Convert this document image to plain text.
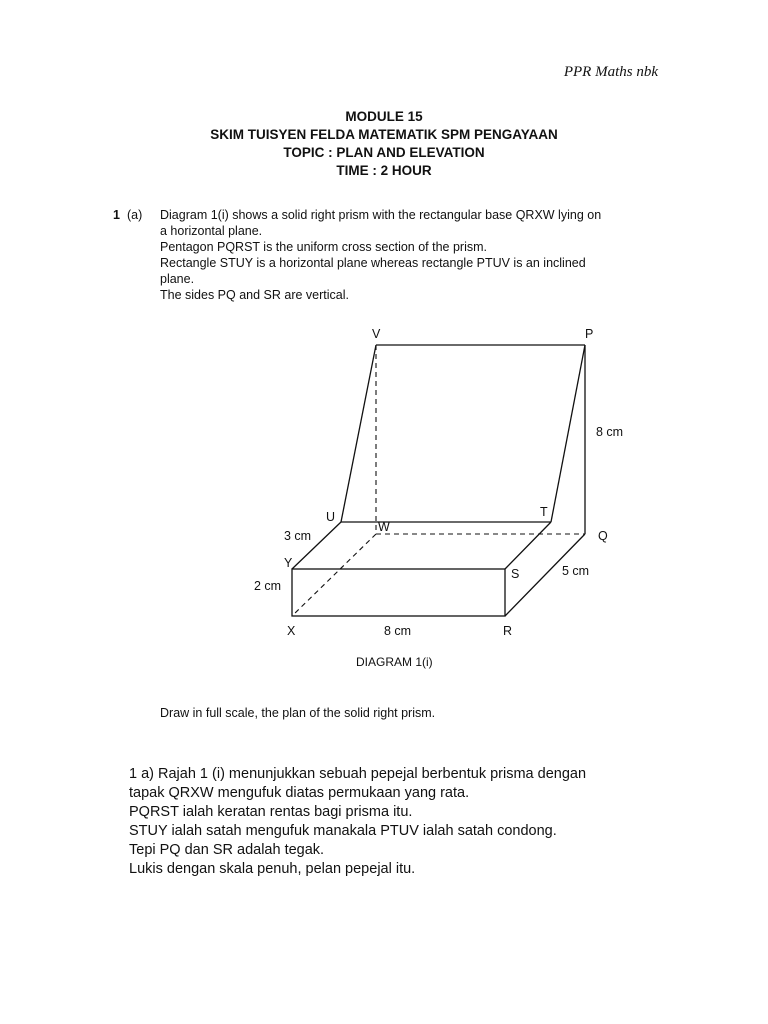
PPR Maths nbk
MODULE 15
SKIM TUISYEN FELDA MATEMATIK SPM PENGAYAAN
TOPIC : PLAN AND ELEVATION
TIME : 2 HOUR
1 (a) Diagram 1(i) shows a solid right prism with the rectangular base QRXW lying on

a horizontal plane.

Pentagon PQRST is the uniform cross section of the prism.

Rectangle STUY is a horizontal plane whereas rectangle PTUV is an inclined

plane.

The sides PQ and SR are vertical.

V	P
8 cm
U
W
T
Q
3 cm
Y
S	5 cm
2 cm
X	8 cm	R
DIAGRAM 1(i)
Draw in full scale, the plan of the solid right prism.

1 a) Rajah 1 (i) menunjukkan sebuah pepejal berbentuk prisma dengan

tapak QRXW mengufuk diatas permukaan yang rata.

PQRST ialah keratan rentas bagi prisma itu.

STUY ialah satah mengufuk manakala PTUV ialah satah condong.

Tepi PQ dan SR adalah tegak.

Lukis dengan skala penuh, pelan pepejal itu.
